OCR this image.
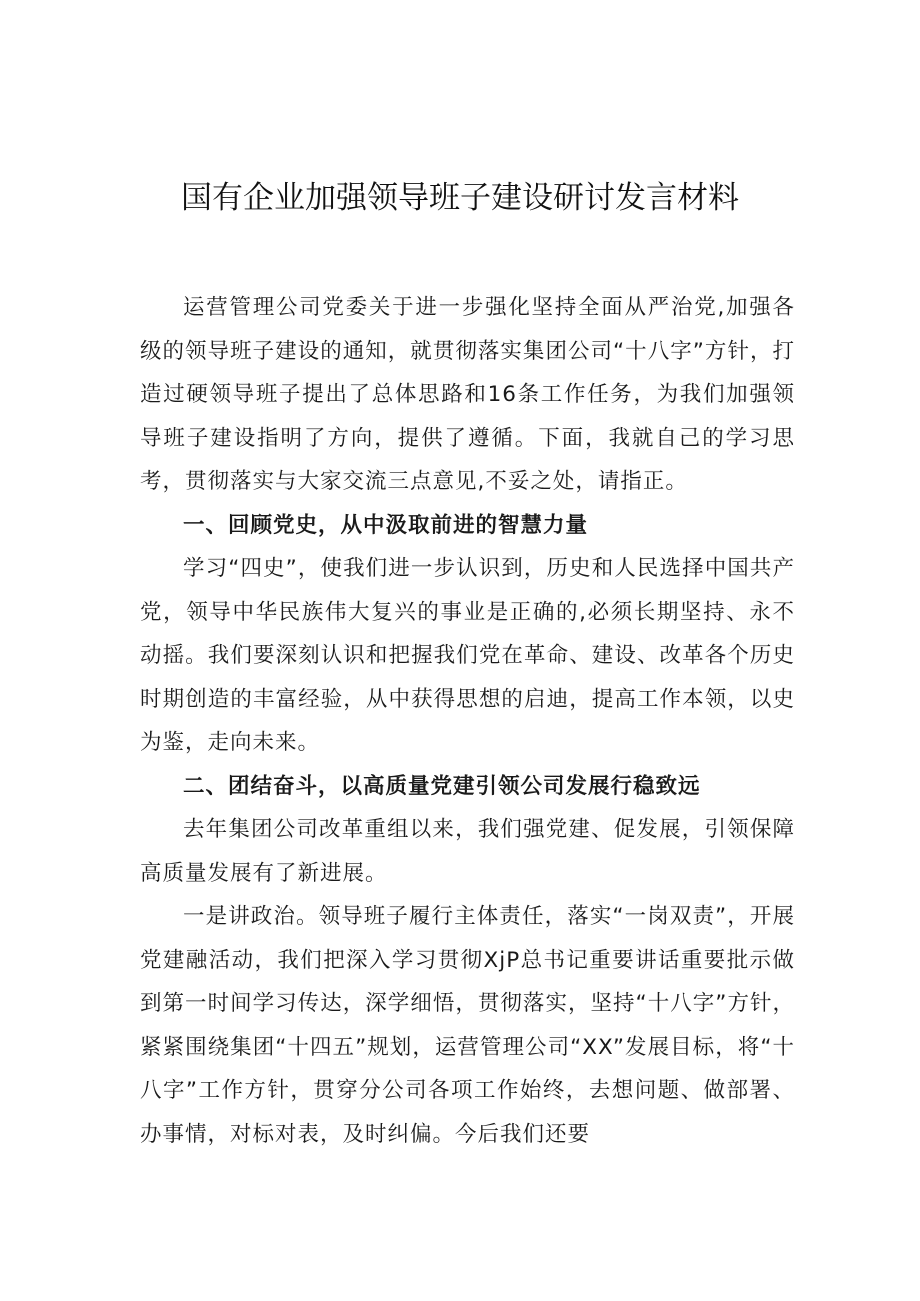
国有企业加强领导班子建设研讨发言材料

运营管理公司党委关于进一步强化坚持全面从严治党,加强各级的领导班子建设的通知，就贯彻落实集团公司“十八字”方针，打造过硬领导班子提出了总体思路和16条工作任务，为我们加强领导班子建设指明了方向，提供了遵循。下面，我就自己的学习思考，贯彻落实与大家交流三点意见,不妥之处，请指正。

一、回顾党史，从中汲取前进的智慧力量

学习“四史”，使我们进一步认识到，历史和人民选择中国共产党，领导中华民族伟大复兴的事业是正确的,必须长期坚持、永不动摇。我们要深刻认识和把握我们党在革命、建设、改革各个历史时期创造的丰富经验，从中获得思想的启迪，提高工作本领，以史为鉴，走向未来。

二、团结奋斗，以高质量党建引领公司发展行稳致远

去年集团公司改革重组以来，我们强党建、促发展，引领保障高质量发展有了新进展。

一是讲政治。领导班子履行主体责任，落实“一岗双责”，开展党建融活动，我们把深入学习贯彻XjP总书记重要讲话重要批示做到第一时间学习传达，深学细悟，贯彻落实，坚持“十八字”方针，紧紧围绕集团“十四五”规划，运营管理公司“XX”发展目标，将“十八字”工作方针，贯穿分公司各项工作始终，去想问题、做部署、办事情，对标对表，及时纠偏。今后我们还要
